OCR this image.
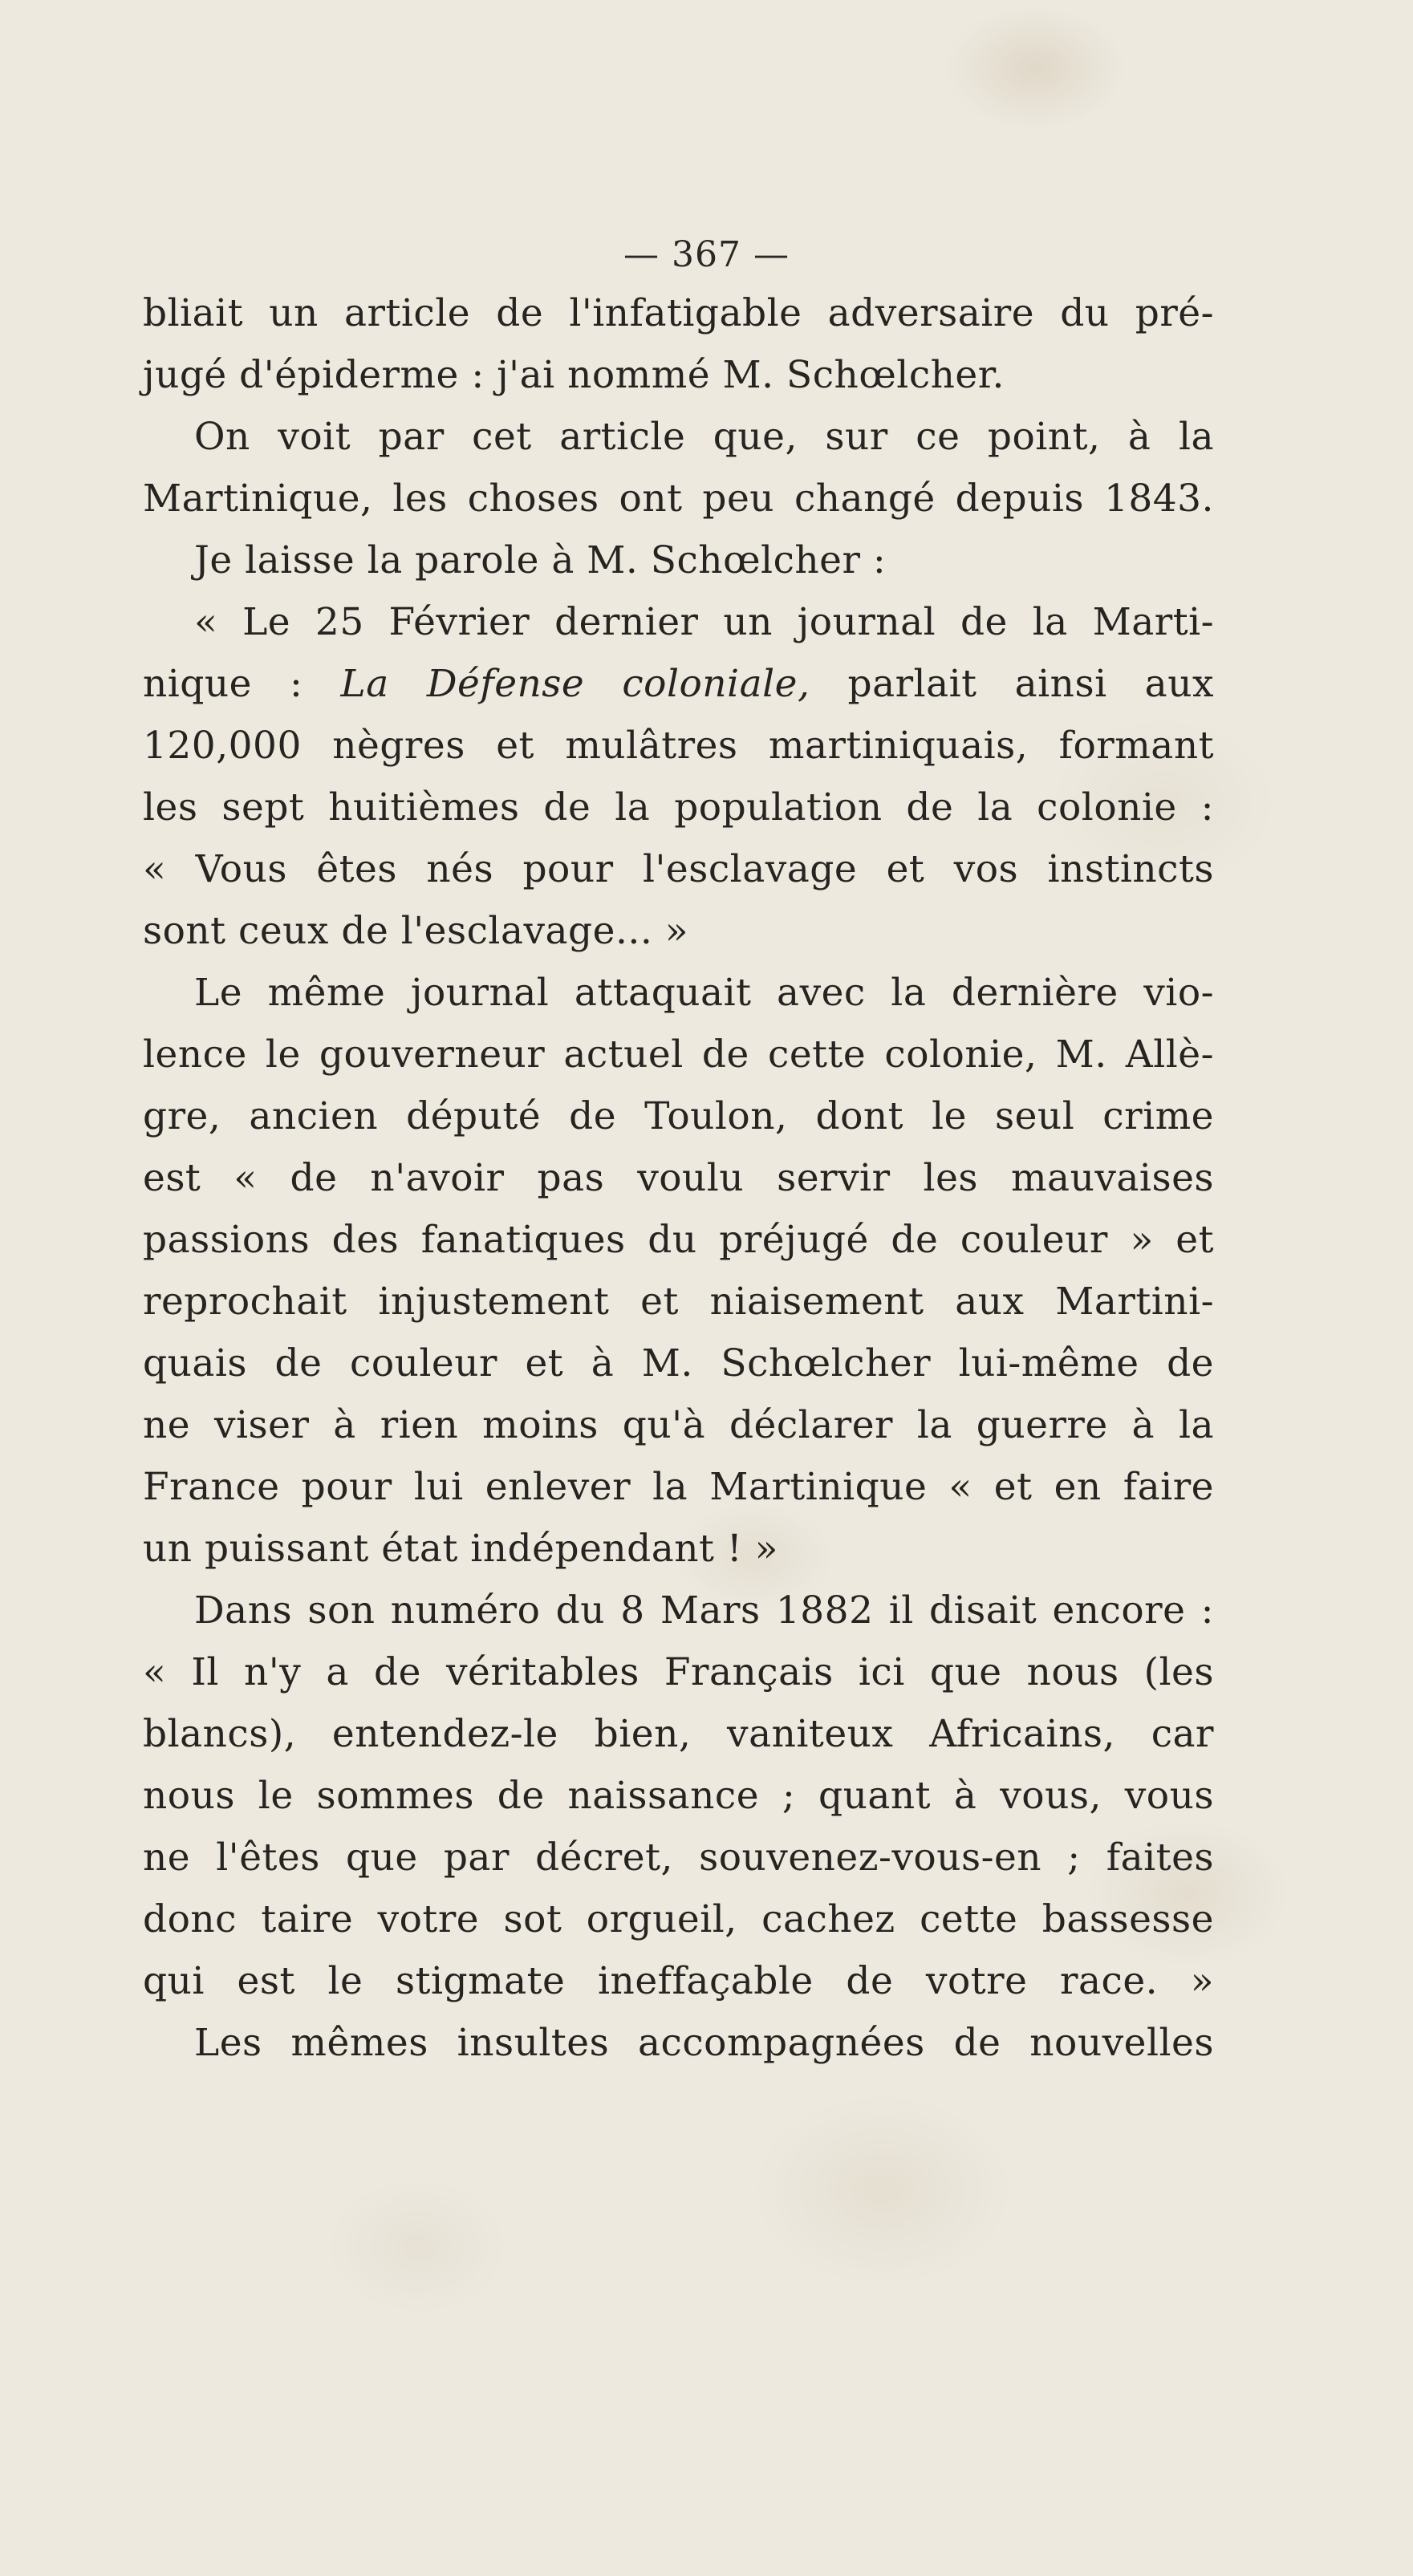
— 367 —
bliait un article de l'infatigable adversaire du pré-
jugé d'épiderme : j'ai nommé M. Schœlcher.
On voit par cet article que, sur ce point, à la
Martinique, les choses ont peu changé depuis 1843.
Je laisse la parole à M. Schœlcher :
« Le 25 Février dernier un journal de la Marti-
nique : La Défense coloniale, parlait ainsi aux
120,000 nègres et mulâtres martiniquais, formant
les sept huitièmes de la population de la colonie :
« Vous êtes nés pour l'esclavage et vos instincts
sont ceux de l'esclavage... »
Le même journal attaquait avec la dernière vio-
lence le gouverneur actuel de cette colonie, M. Allè-
gre, ancien député de Toulon, dont le seul crime
est « de n'avoir pas voulu servir les mauvaises
passions des fanatiques du préjugé de couleur » et
reprochait injustement et niaisement aux Martini-
quais de couleur et à M. Schœlcher lui-même de
ne viser à rien moins qu'à déclarer la guerre à la
France pour lui enlever la Martinique « et en faire
un puissant état indépendant ! »
Dans son numéro du 8 Mars 1882 il disait encore :
« Il n'y a de véritables Français ici que nous (les
blancs), entendez-le bien, vaniteux Africains, car
nous le sommes de naissance ; quant à vous, vous
ne l'êtes que par décret, souvenez-vous-en ; faites
donc taire votre sot orgueil, cachez cette bassesse
qui est le stigmate ineffaçable de votre race. »
Les mêmes insultes accompagnées de nouvelles
